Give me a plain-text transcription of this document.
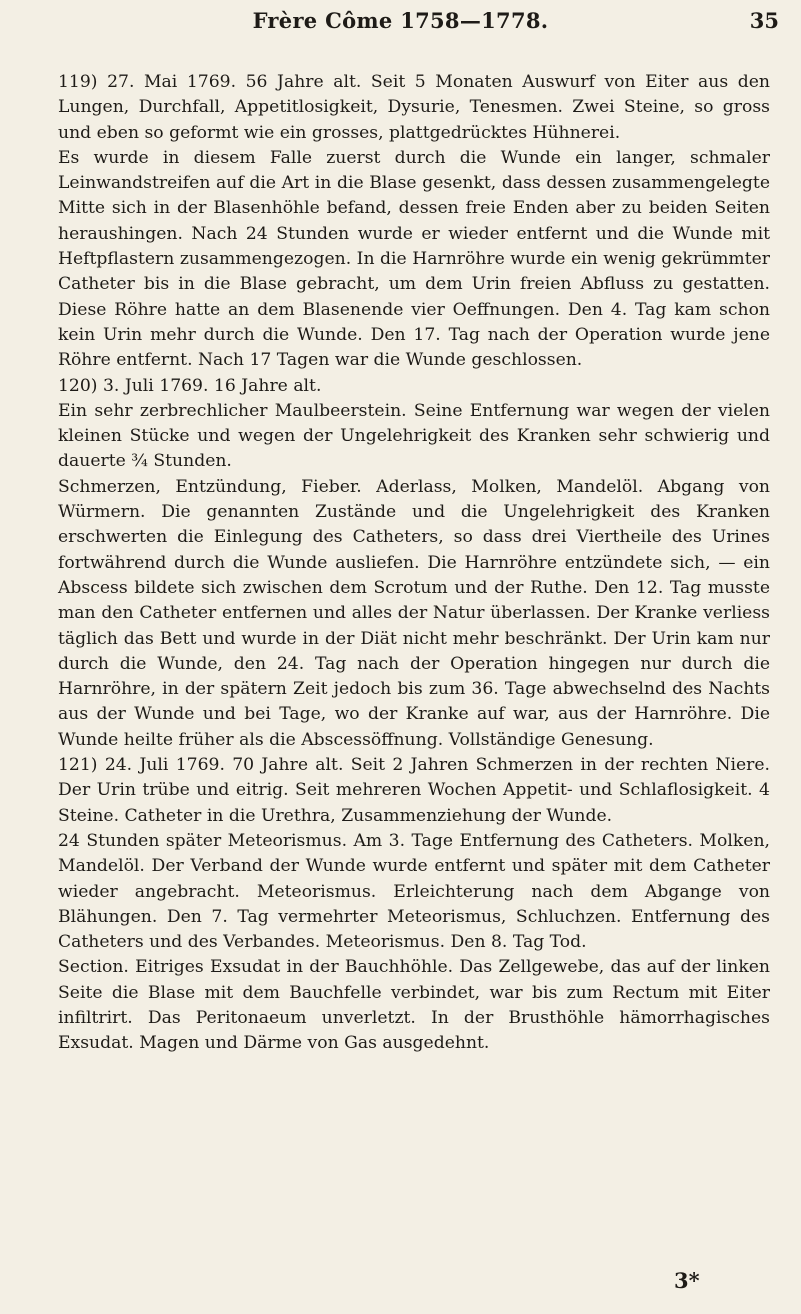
Frère Côme 1758—1778.	35

119) 27. Mai 1769. 56 Jahre alt. Seit 5 Monaten Auswurf von Eiter aus den Lungen, Durchfall, Appetitlosigkeit, Dysurie, Tenesmen. Zwei Steine, so gross und eben so geformt wie ein grosses, plattgedrücktes Hühnerei.

Es wurde in diesem Falle zuerst durch die Wunde ein langer, schmaler Leinwandstreifen auf die Art in die Blase gesenkt, dass dessen zusammengelegte Mitte sich in der Blasenhöhle befand, dessen freie Enden aber zu beiden Seiten heraushingen. Nach 24 Stunden wurde er wieder entfernt und die Wunde mit Heftpflastern zusammengezogen. In die Harnröhre wurde ein wenig gekrümmter Catheter bis in die Blase gebracht, um dem Urin freien Abfluss zu gestatten. Diese Röhre hatte an dem Blasenende vier Oeffnungen. Den 4. Tag kam schon kein Urin mehr durch die Wunde. Den 17. Tag nach der Operation wurde jene Röhre entfernt. Nach 17 Tagen war die Wunde geschlossen.

120) 3. Juli 1769. 16 Jahre alt.

Ein sehr zerbrechlicher Maulbeerstein. Seine Entfernung war wegen der vielen kleinen Stücke und wegen der Ungelehrigkeit des Kranken sehr schwierig und dauerte ¾ Stunden.

Schmerzen, Entzündung, Fieber. Aderlass, Molken, Mandelöl. Abgang von Würmern. Die genannten Zustände und die Ungelehrigkeit des Kranken erschwerten die Einlegung des Catheters, so dass drei Viertheile des Urines fortwährend durch die Wunde ausliefen. Die Harnröhre entzündete sich, — ein Abscess bildete sich zwischen dem Scrotum und der Ruthe. Den 12. Tag musste man den Catheter entfernen und alles der Natur überlassen. Der Kranke verliess täglich das Bett und wurde in der Diät nicht mehr beschränkt. Der Urin kam nur durch die Wunde, den 24. Tag nach der Operation hingegen nur durch die Harnröhre, in der spätern Zeit jedoch bis zum 36. Tage abwechselnd des Nachts aus der Wunde und bei Tage, wo der Kranke auf war, aus der Harnröhre. Die Wunde heilte früher als die Abscessöffnung. Vollständige Genesung.

121) 24. Juli 1769. 70 Jahre alt. Seit 2 Jahren Schmerzen in der rechten Niere. Der Urin trübe und eitrig. Seit mehreren Wochen Appetit- und Schlaflosigkeit. 4 Steine. Catheter in die Urethra, Zusammenziehung der Wunde.

24 Stunden später Meteorismus. Am 3. Tage Entfernung des Catheters. Molken, Mandelöl. Der Verband der Wunde wurde entfernt und später mit dem Catheter wieder angebracht. Meteorismus. Erleichterung nach dem Abgange von Blähungen. Den 7. Tag vermehrter Meteorismus, Schluchzen. Entfernung des Catheters und des Verbandes. Meteorismus. Den 8. Tag Tod.

Section. Eitriges Exsudat in der Bauchhöhle. Das Zellgewebe, das auf der linken Seite die Blase mit dem Bauchfelle verbindet, war bis zum Rectum mit Eiter infiltrirt. Das Peritonaeum unverletzt. In der Brusthöhle hämorrhagisches Exsudat. Magen und Därme von Gas ausgedehnt.

3*
